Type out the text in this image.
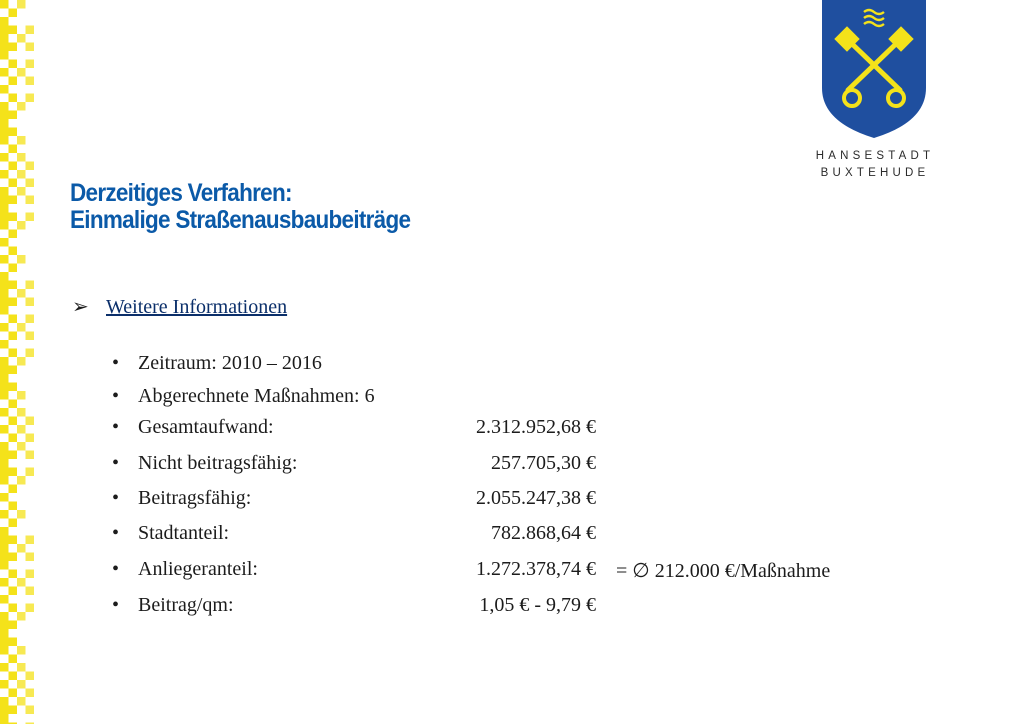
HANSESTADT
BUXTEHUDE
Derzeitiges Verfahren:
Einmalige Straßenausbaubeiträge
➢ Weitere Informationen
• Zeitraum: 2010 – 2016
• Abgerechnete Maßnahmen: 6
• Gesamtaufwand:	2.312.952,68 €
• Nicht beitragsfähig:	257.705,30 €
• Beitragsfähig:	2.055.247,38 €
• Stadtanteil:	782.868,64 €
• Anliegeranteil:	1.272.378,74 € = ∅ 212.000 €/Maßnahme
• Beitrag/qm:	1,05 € - 9,79 €
